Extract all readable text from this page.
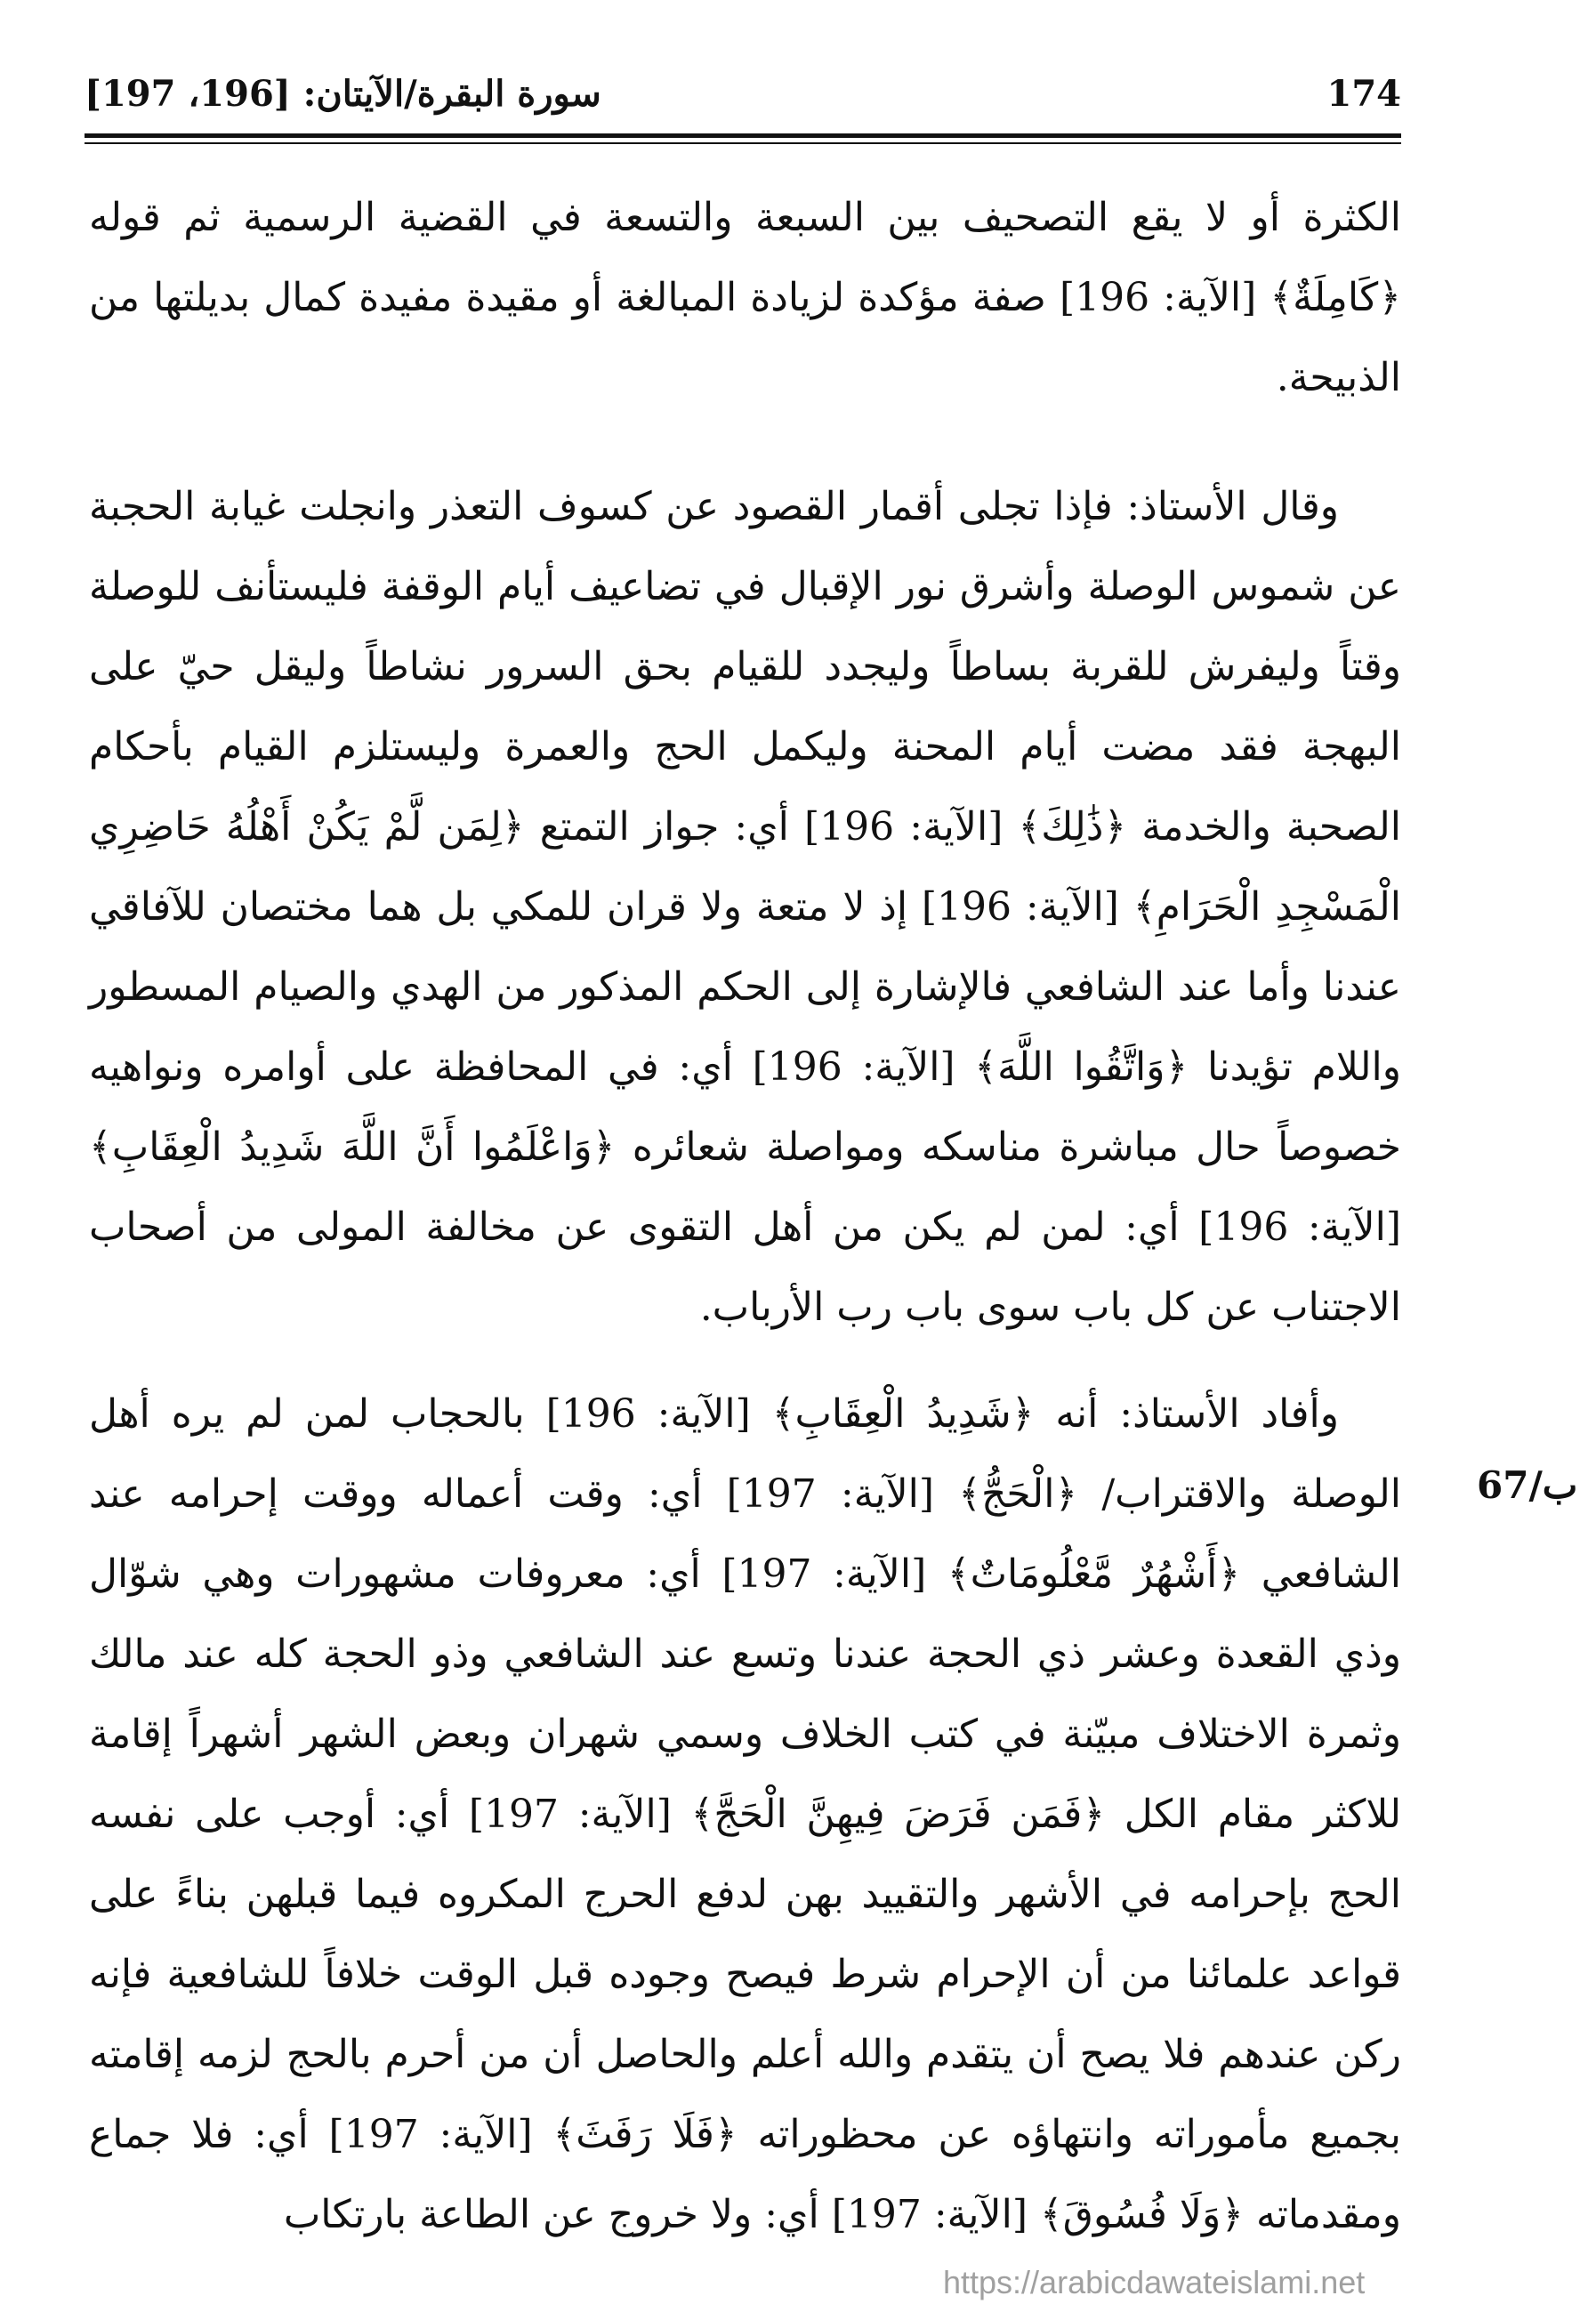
174
سورة البقرة/الآيتان: [196، 197]

الكثرة أو لا يقع التصحيف بين السبعة والتسعة في القضية الرسمية ثم قوله ﴿كَامِلَةٌ﴾ [الآية: 196] صفة مؤكدة لزيادة المبالغة أو مقيدة مفيدة كمال بديلتها من الذبيحة.

وقال الأستاذ: فإذا تجلى أقمار القصود عن كسوف التعذر وانجلت غيابة الحجبة عن شموس الوصلة وأشرق نور الإقبال في تضاعيف أيام الوقفة فليستأنف للوصلة وقتاً وليفرش للقربة بساطاً وليجدد للقيام بحق السرور نشاطاً وليقل حيّ على البهجة فقد مضت أيام المحنة وليكمل الحج والعمرة وليستلزم القيام بأحكام الصحبة والخدمة ﴿ذَٰلِكَ﴾ [الآية: 196] أي: جواز التمتع ﴿لِمَن لَّمْ يَكُنْ أَهْلُهُ حَاضِرِي الْمَسْجِدِ الْحَرَامِ﴾ [الآية: 196] إذ لا متعة ولا قران للمكي بل هما مختصان للآفاقي عندنا وأما عند الشافعي فالإشارة إلى الحكم المذكور من الهدي والصيام المسطور واللام تؤيدنا ﴿وَاتَّقُوا اللَّهَ﴾ [الآية: 196] أي: في المحافظة على أوامره ونواهيه خصوصاً حال مباشرة مناسكه ومواصلة شعائره ﴿وَاعْلَمُوا أَنَّ اللَّهَ شَدِيدُ الْعِقَابِ﴾ [الآية: 196] أي: لمن لم يكن من أهل التقوى عن مخالفة المولى من أصحاب الاجتناب عن كل باب سوى باب رب الأرباب.

وأفاد الأستاذ: أنه ﴿شَدِيدُ الْعِقَابِ﴾ [الآية: 196] بالحجاب لمن لم يره أهل الوصلة والاقتراب/ ﴿الْحَجُّ﴾ [الآية: 197] أي: وقت أعماله ووقت إحرامه عند الشافعي ﴿أَشْهُرٌ مَّعْلُومَاتٌ﴾ [الآية: 197] أي: معروفات مشهورات وهي شوّال وذي القعدة وعشر ذي الحجة عندنا وتسع عند الشافعي وذو الحجة كله عند مالك وثمرة الاختلاف مبيّنة في كتب الخلاف وسمي شهران وبعض الشهر أشهراً إقامة للاكثر مقام الكل ﴿فَمَن فَرَضَ فِيهِنَّ الْحَجَّ﴾ [الآية: 197] أي: أوجب على نفسه الحج بإحرامه في الأشهر والتقييد بهن لدفع الحرج المكروه فيما قبلهن بناءً على قواعد علمائنا من أن الإحرام شرط فيصح وجوده قبل الوقت خلافاً للشافعية فإنه ركن عندهم فلا يصح أن يتقدم والله أعلم والحاصل أن من أحرم بالحج لزمه إقامته بجميع مأموراته وانتهاؤه عن محظوراته ﴿فَلَا رَفَثَ﴾ [الآية: 197] أي: فلا جماع ومقدماته ﴿وَلَا فُسُوقَ﴾ [الآية: 197] أي: ولا خروج عن الطاعة بارتكاب

67/ب
https://arabicdawateislami.net
